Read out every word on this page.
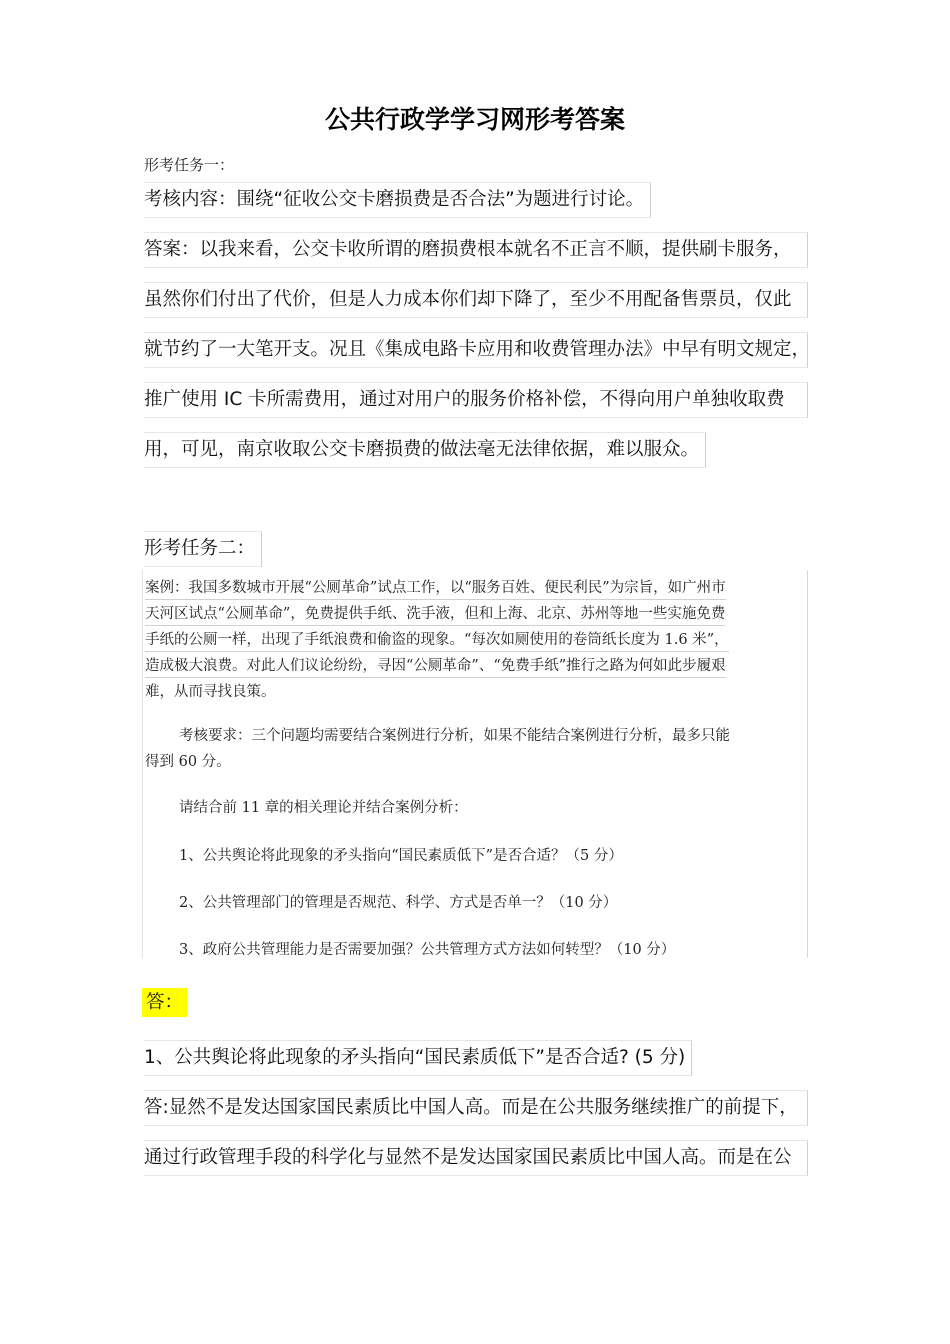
公共行政学学习网形考答案
形考任务一：
考核内容：围绕“征收公交卡磨损费是否合法”为题进行讨论。
答案：以我来看，公交卡收所谓的磨损费根本就名不正言不顺，提供刷卡服务，
虽然你们付出了代价，但是人力成本你们却下降了，至少不用配备售票员，仅此
就节约了一大笔开支。况且《集成电路卡应用和收费管理办法》中早有明文规定，
推广使用 IC 卡所需费用，通过对用户的服务价格补偿，不得向用户单独收取费
用，可见，南京收取公交卡磨损费的做法毫无法律依据，难以服众。
形考任务二：
案例：我国多数城市开展“公厕革命”试点工作，以“服务百姓、便民利民”为宗旨，如广州市
天河区试点“公厕革命”，免费提供手纸、洗手液，但和上海、北京、苏州等地一些实施免费
手纸的公厕一样，出现了手纸浪费和偷盗的现象。“每次如厕使用的卷筒纸长度为 1.6 米”，
造成极大浪费。对此人们议论纷纷，寻因“公厕革命”、“免费手纸”推行之路为何如此步履艰
难，从而寻找良策。
考核要求：三个问题均需要结合案例进行分析，如果不能结合案例进行分析，最多只能
得到 60 分。
请结合前 11 章的相关理论并结合案例分析：
1、公共舆论将此现象的矛头指向“国民素质低下”是否合适？（5 分）
2、公共管理部门的管理是否规范、科学、方式是否单一？（10 分）
3、政府公共管理能力是否需要加强？公共管理方式方法如何转型？（10 分）
答：
1、公共舆论将此现象的矛头指向“国民素质低下”是否合适? (5 分)
答:显然不是发达国家国民素质比中国人高。而是在公共服务继续推广的前提下，
通过行政管理手段的科学化与显然不是发达国家国民素质比中国人高。而是在公
